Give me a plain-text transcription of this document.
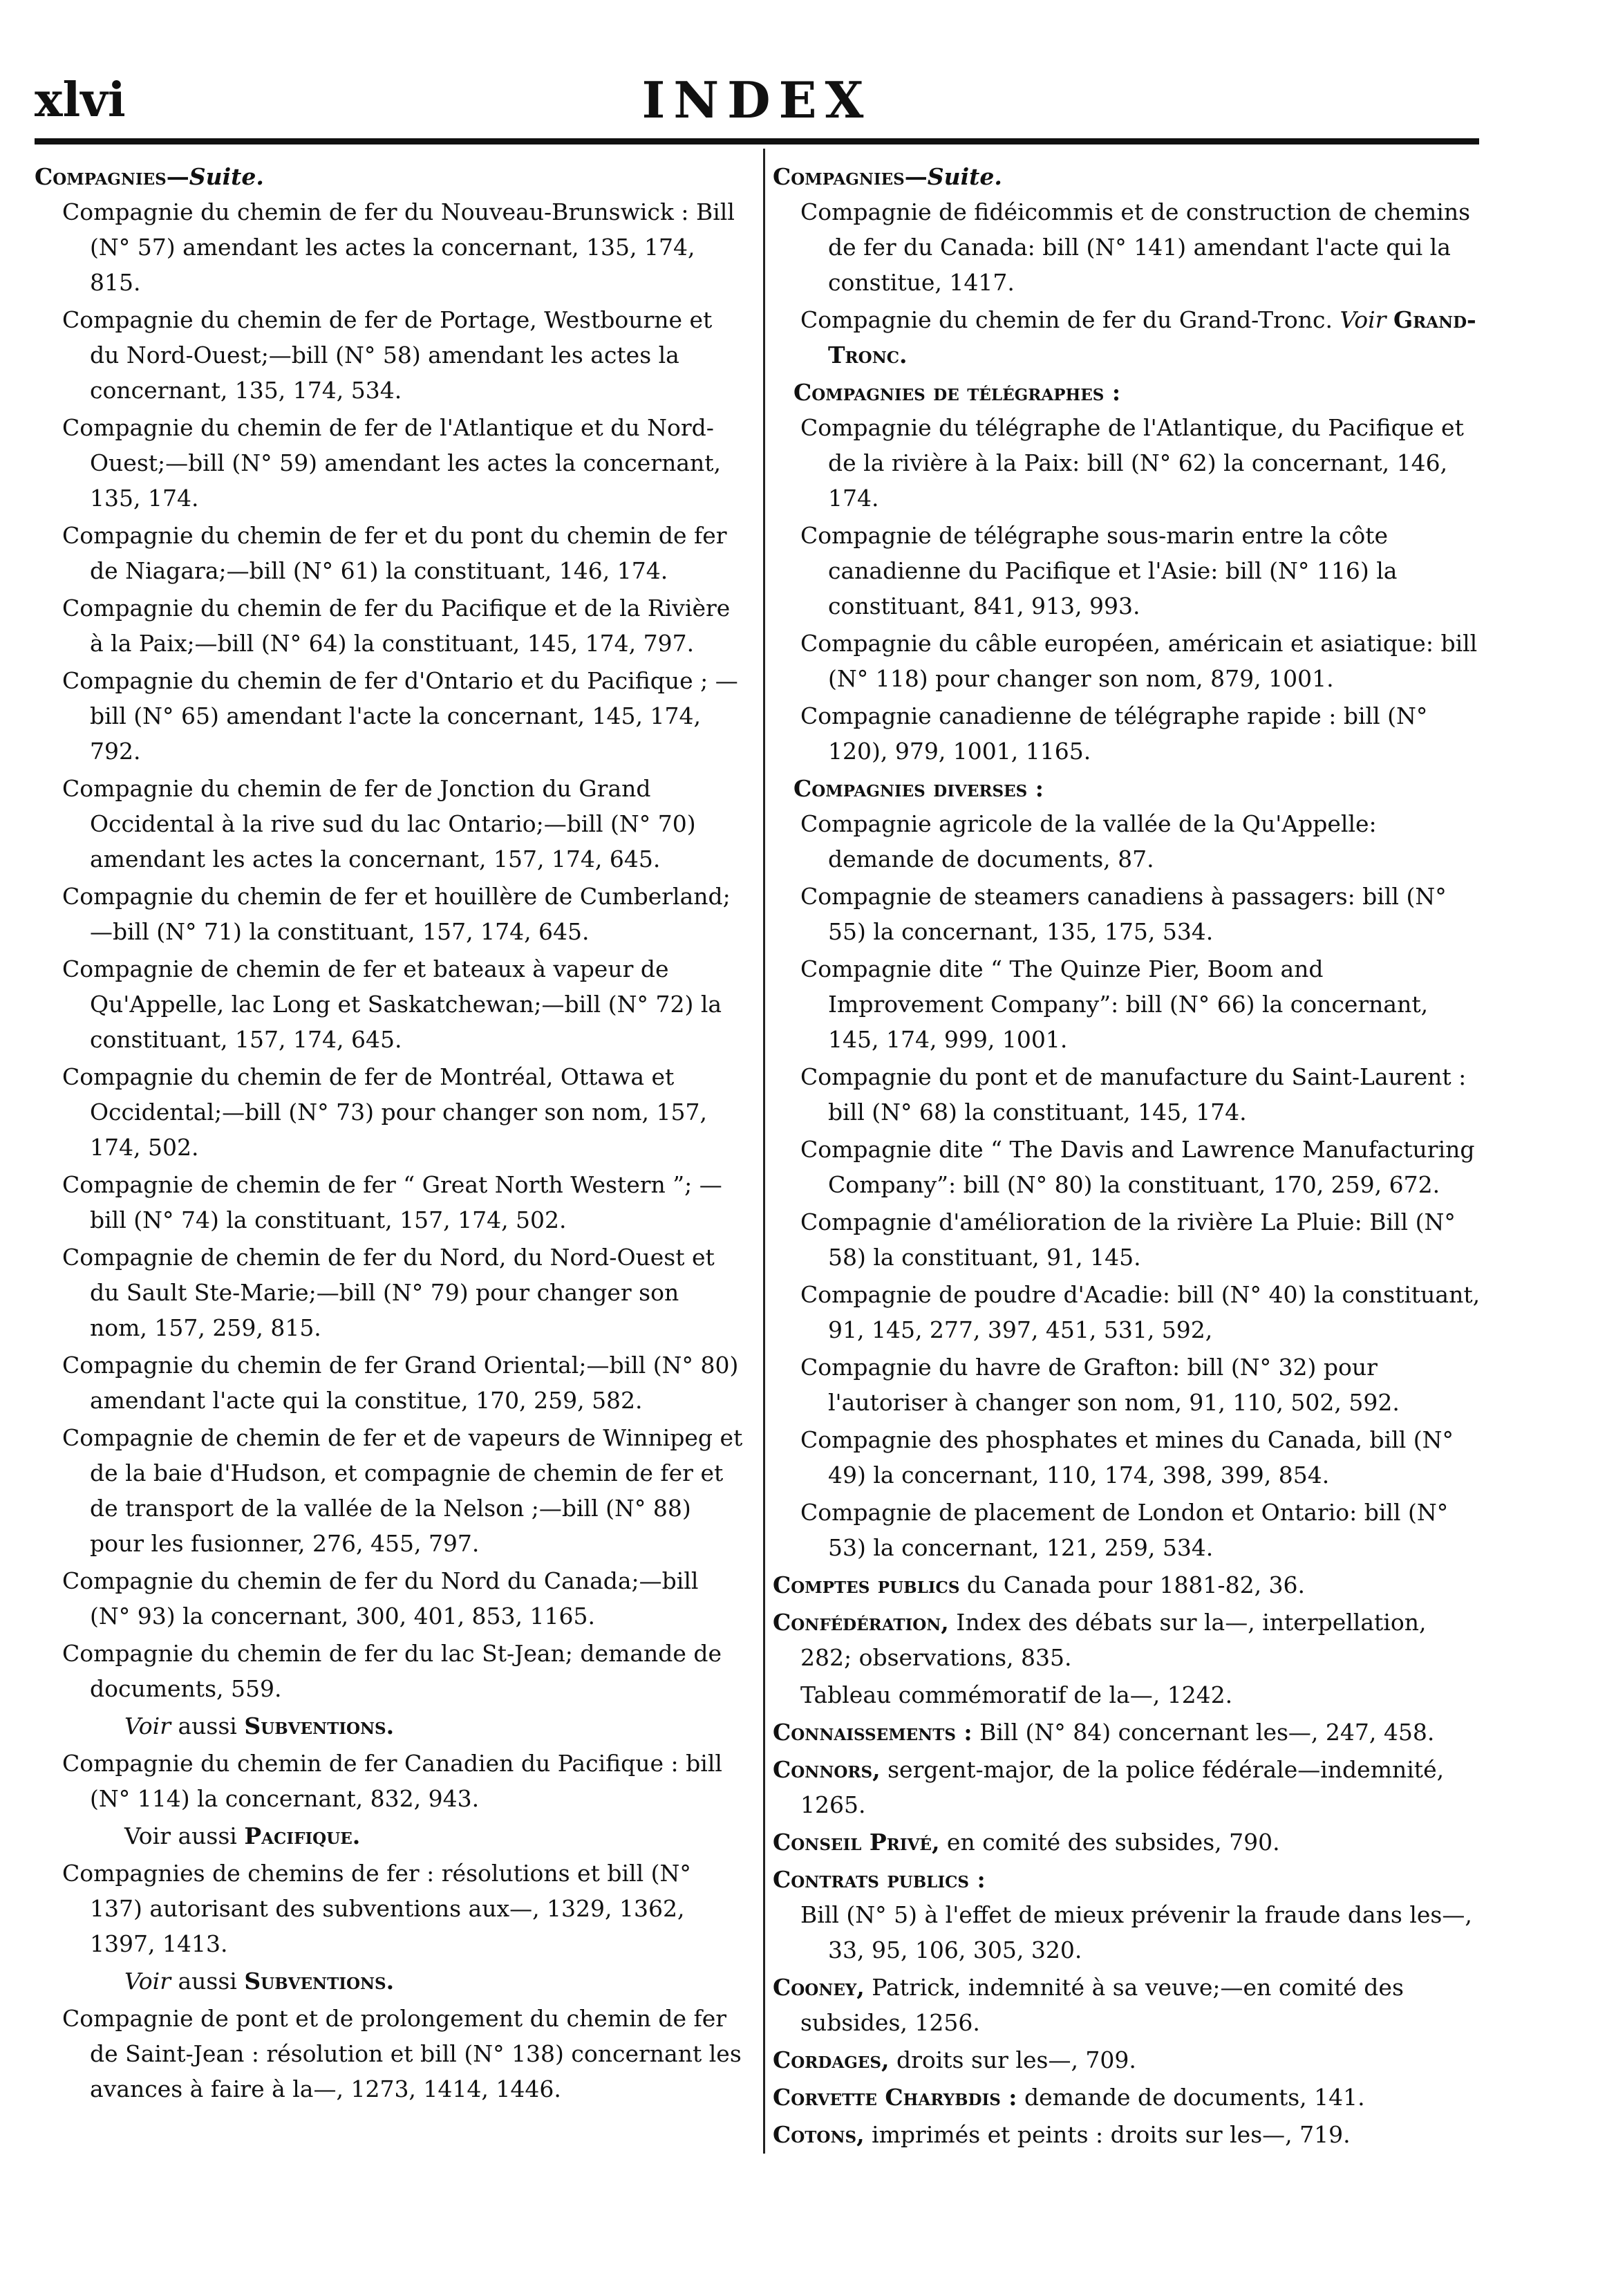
xlvi	INDEX

Compagnies—Suite.

Compagnie du chemin de fer du Nouveau-Brunswick : Bill (N° 57) amendant les actes la concernant, 135, 174, 815.

Compagnie du chemin de fer de Portage, Westbourne et du Nord-Ouest;—bill (N° 58) amendant les actes la concernant, 135, 174, 534.

Compagnie du chemin de fer de l'Atlantique et du Nord-Ouest;—bill (N° 59) amendant les actes la concernant, 135, 174.

Compagnie du chemin de fer et du pont du chemin de fer de Niagara;—bill (N° 61) la constituant, 146, 174.

Compagnie du chemin de fer du Pacifique et de la Rivière à la Paix;—bill (N° 64) la constituant, 145, 174, 797.

Compagnie du chemin de fer d'Ontario et du Pacifique ; —bill (N° 65) amendant l'acte la concernant, 145, 174, 792.

Compagnie du chemin de fer de Jonction du Grand Occidental à la rive sud du lac Ontario;—bill (N° 70) amendant les actes la concernant, 157, 174, 645.

Compagnie du chemin de fer et houillère de Cumberland;—bill (N° 71) la constituant, 157, 174, 645.

Compagnie de chemin de fer et bateaux à vapeur de Qu'Appelle, lac Long et Saskatchewan;—bill (N° 72) la constituant, 157, 174, 645.

Compagnie du chemin de fer de Montréal, Ottawa et Occidental;—bill (N° 73) pour changer son nom, 157, 174, 502.

Compagnie de chemin de fer “ Great North Western ”; —bill (N° 74) la constituant, 157, 174, 502.

Compagnie de chemin de fer du Nord, du Nord-Ouest et du Sault Ste-Marie;—bill (N° 79) pour changer son nom, 157, 259, 815.

Compagnie du chemin de fer Grand Oriental;—bill (N° 80) amendant l'acte qui la constitue, 170, 259, 582.

Compagnie de chemin de fer et de vapeurs de Winnipeg et de la baie d'Hudson, et compagnie de chemin de fer et de transport de la vallée de la Nelson ;—bill (N° 88) pour les fusionner, 276, 455, 797.

Compagnie du chemin de fer du Nord du Canada;—bill (N° 93) la concernant, 300, 401, 853, 1165.

Compagnie du chemin de fer du lac St-Jean; demande de documents, 559.

Voir aussi Subventions.

Compagnie du chemin de fer Canadien du Pacifique : bill (N° 114) la concernant, 832, 943.

Voir aussi Pacifique.

Compagnies de chemins de fer : résolutions et bill (N° 137) autorisant des subventions aux—, 1329, 1362, 1397, 1413.

Voir aussi Subventions.

Compagnie de pont et de prolongement du chemin de fer de Saint-Jean : résolution et bill (N° 138) concernant les avances à faire à la—, 1273, 1414, 1446.

Compagnies—Suite.

Compagnie de fidéicommis et de construction de chemins de fer du Canada: bill (N° 141) amendant l'acte qui la constitue, 1417.

Compagnie du chemin de fer du Grand-Tronc. Voir Grand-Tronc.

Compagnies de télégraphes :

Compagnie du télégraphe de l'Atlantique, du Pacifique et de la rivière à la Paix: bill (N° 62) la concernant, 146, 174.

Compagnie de télégraphe sous-marin entre la côte canadienne du Pacifique et l'Asie: bill (N° 116) la constituant, 841, 913, 993.

Compagnie du câble européen, américain et asiatique: bill (N° 118) pour changer son nom, 879, 1001.

Compagnie canadienne de télégraphe rapide : bill (N° 120), 979, 1001, 1165.

Compagnies diverses :

Compagnie agricole de la vallée de la Qu'Appelle: demande de documents, 87.

Compagnie de steamers canadiens à passagers: bill (N° 55) la concernant, 135, 175, 534.

Compagnie dite “ The Quinze Pier, Boom and Improvement Company”: bill (N° 66) la concernant, 145, 174, 999, 1001.

Compagnie du pont et de manufacture du Saint-Laurent : bill (N° 68) la constituant, 145, 174.

Compagnie dite “ The Davis and Lawrence Manufacturing Company”: bill (N° 80) la constituant, 170, 259, 672.

Compagnie d'amélioration de la rivière La Pluie: Bill (N° 58) la constituant, 91, 145.

Compagnie de poudre d'Acadie: bill (N° 40) la constituant, 91, 145, 277, 397, 451, 531, 592,

Compagnie du havre de Grafton: bill (N° 32) pour l'autoriser à changer son nom, 91, 110, 502, 592.

Compagnie des phosphates et mines du Canada, bill (N° 49) la concernant, 110, 174, 398, 399, 854.

Compagnie de placement de London et Ontario: bill (N° 53) la concernant, 121, 259, 534.

Comptes publics du Canada pour 1881-82, 36.

Confédération, Index des débats sur la—, interpellation, 282; observations, 835.

Tableau commémoratif de la—, 1242.

Connaissements : Bill (N° 84) concernant les—, 247, 458.

Connors, sergent-major, de la police fédérale—indemnité, 1265.

Conseil Privé, en comité des subsides, 790.

Contrats publics :

Bill (N° 5) à l'effet de mieux prévenir la fraude dans les—, 33, 95, 106, 305, 320.

Cooney, Patrick, indemnité à sa veuve;—en comité des subsides, 1256.

Cordages, droits sur les—, 709.

Corvette Charybdis : demande de documents, 141.

Cotons, imprimés et peints : droits sur les—, 719.
